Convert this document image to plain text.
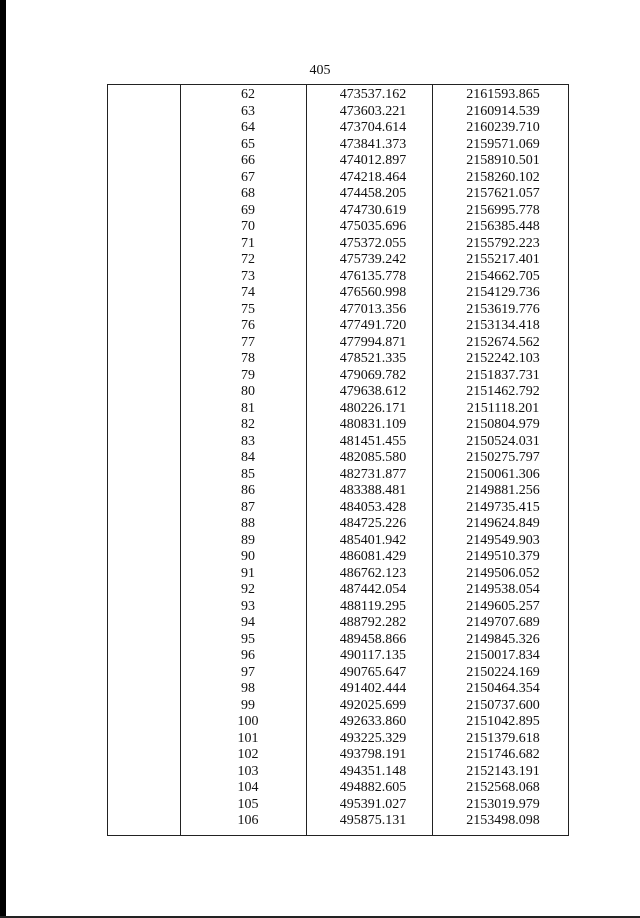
405
62	473537.162	2161593.865
63	473603.221	2160914.539
64	473704.614	2160239.710
65	473841.373	2159571.069
66	474012.897	2158910.501
67	474218.464	2158260.102
68	474458.205	2157621.057
69	474730.619	2156995.778
70	475035.696	2156385.448
71	475372.055	2155792.223
72	475739.242	2155217.401
73	476135.778	2154662.705
74	476560.998	2154129.736
75	477013.356	2153619.776
76	477491.720	2153134.418
77	477994.871	2152674.562
78	478521.335	2152242.103
79	479069.782	2151837.731
80	479638.612	2151462.792
81	480226.171	2151118.201
82	480831.109	2150804.979
83	481451.455	2150524.031
84	482085.580	2150275.797
85	482731.877	2150061.306
86	483388.481	2149881.256
87	484053.428	2149735.415
88	484725.226	2149624.849
89	485401.942	2149549.903
90	486081.429	2149510.379
91	486762.123	2149506.052
92	487442.054	2149538.054
93	488119.295	2149605.257
94	488792.282	2149707.689
95	489458.866	2149845.326
96	490117.135	2150017.834
97	490765.647	2150224.169
98	491402.444	2150464.354
99	492025.699	2150737.600
100	492633.860	2151042.895
101	493225.329	2151379.618
102	493798.191	2151746.682
103	494351.148	2152143.191
104	494882.605	2152568.068
105	495391.027	2153019.979
106	495875.131	2153498.098
